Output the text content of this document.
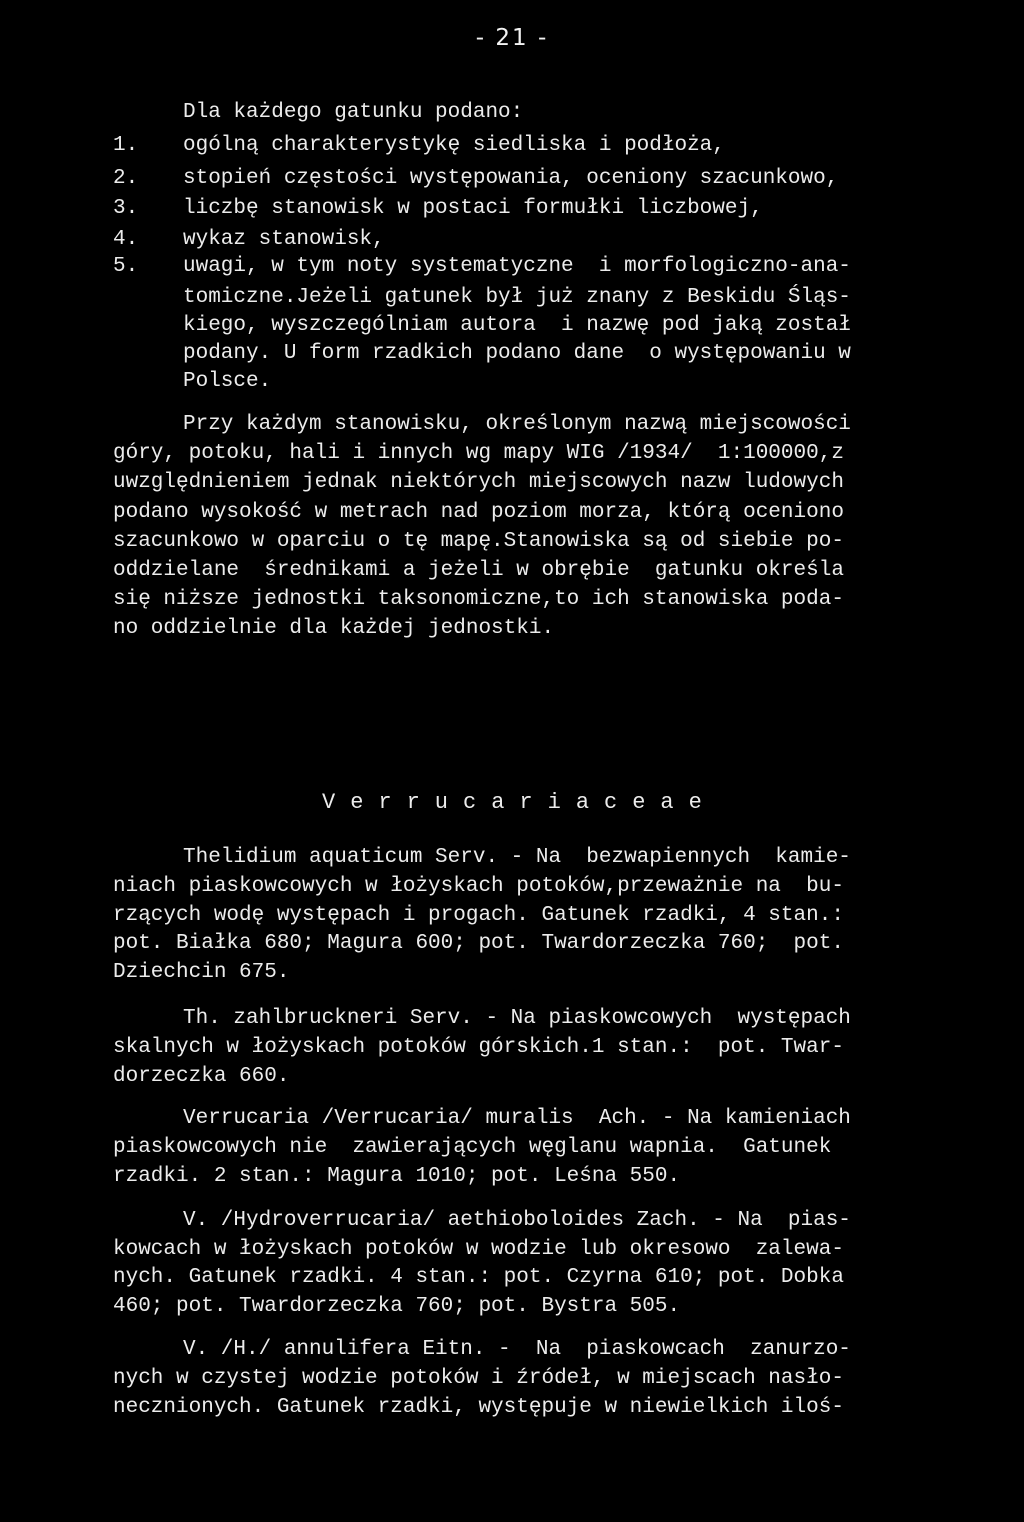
- 21 -
Dla każdego gatunku podano:
1. ogólną charakterystykę siedliska i podłoża,
2. stopień częstości występowania, oceniony szacunkowo,
3. liczbę stanowisk w postaci formułki liczbowej,
4. wykaz stanowisk,
5. uwagi, w tym noty systematyczne  i morfologiczno-ana-
tomiczne.Jeżeli gatunek był już znany z Beskidu Śląs-
kiego, wyszczególniam autora  i nazwę pod jaką został
podany. U form rzadkich podano dane  o występowaniu w
Polsce.
Przy każdym stanowisku, określonym nazwą miejscowości
góry, potoku, hali i innych wg mapy WIG /1934/  1:100000,z
uwzględnieniem jednak niektórych miejscowych nazw ludowych
podano wysokość w metrach nad poziom morza, którą oceniono
szacunkowo w oparciu o tę mapę.Stanowiska są od siebie po-
oddzielane  średnikami a jeżeli w obrębie  gatunku określa
się niższe jednostki taksonomiczne,to ich stanowiska poda-
no oddzielnie dla każdej jednostki.
Verrucariaceae
Thelidium aquaticum Serv. - Na  bezwapiennych  kamie-
niach piaskowcowych w łożyskach potoków,przeważnie na  bu-
rzących wodę występach i progach. Gatunek rzadki, 4 stan.:
pot. Białka 680; Magura 600; pot. Twardorzeczka 760;  pot.
Dziechcin 675.
Th. zahlbruckneri Serv. - Na piaskowcowych  występach
skalnych w łożyskach potoków górskich.1 stan.:  pot. Twar-
dorzeczka 660.
Verrucaria /Verrucaria/ muralis  Ach. - Na kamieniach
piaskowcowych nie  zawierających węglanu wapnia.  Gatunek
rzadki. 2 stan.: Magura 1010; pot. Leśna 550.
V. /Hydroverrucaria/ aethioboloides Zach. - Na  pias-
kowcach w łożyskach potoków w wodzie lub okresowo  zalewa-
nych. Gatunek rzadki. 4 stan.: pot. Czyrna 610; pot. Dobka
460; pot. Twardorzeczka 760; pot. Bystra 505.
V. /H./ annulifera Eitn. -  Na  piaskowcach  zanurzo-
nych w czystej wodzie potoków i źródeł, w miejscach nasło-
necznionych. Gatunek rzadki, występuje w niewielkich iloś-
